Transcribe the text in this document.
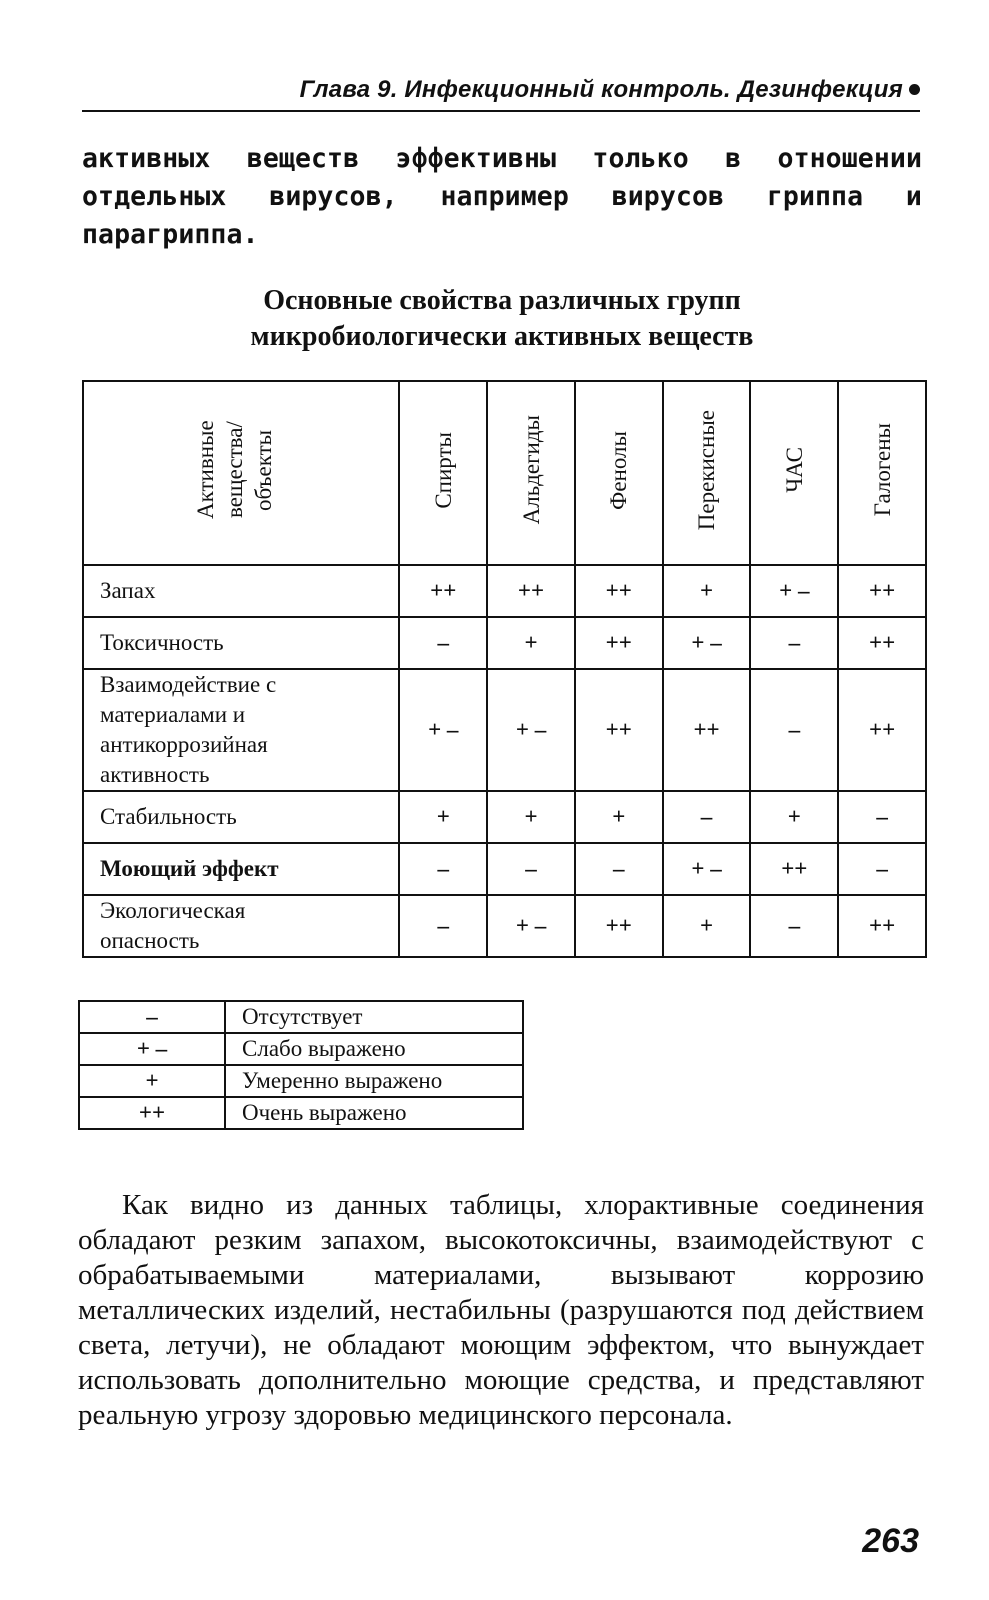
Глава 9. Инфекционный контроль. Дезинфекция
активных веществ эффективны только в отношении отдельных вирусов, например вирусов гриппа и парагриппа.
Основные свойства различных групп
микробиологически активных веществ
Активные вещества/ объекты	Спирты	Альдегиды	Фенолы	Перекисные	ЧАС	Галогены
Запах	++	++	++	+	+ –	++
Токсичность	–	+	++	+ –	–	++
Взаимодействие с материалами и антикоррозийная активность	+ –	+ –	++	++	–	++
Стабильность	+	+	+	–	+	–
Моющий эффект	–	–	–	+ –	++	–
Экологическая опасность	–	+ –	++	+	–	++
–	Отсутствует
+ –	Слабо выражено
+	Умеренно выражено
++	Очень выражено
Как видно из данных таблицы, хлорактивные соединения обладают резким запахом, высокотоксичны, взаимодействуют с обрабатываемыми материалами, вызывают коррозию металлических изделий, нестабильны (разрушаются под действием света, летучи), не обладают моющим эффектом, что вынуждает использовать дополнительно моющие средства, и представляют реальную угрозу здоровью медицинского персонала.
263
